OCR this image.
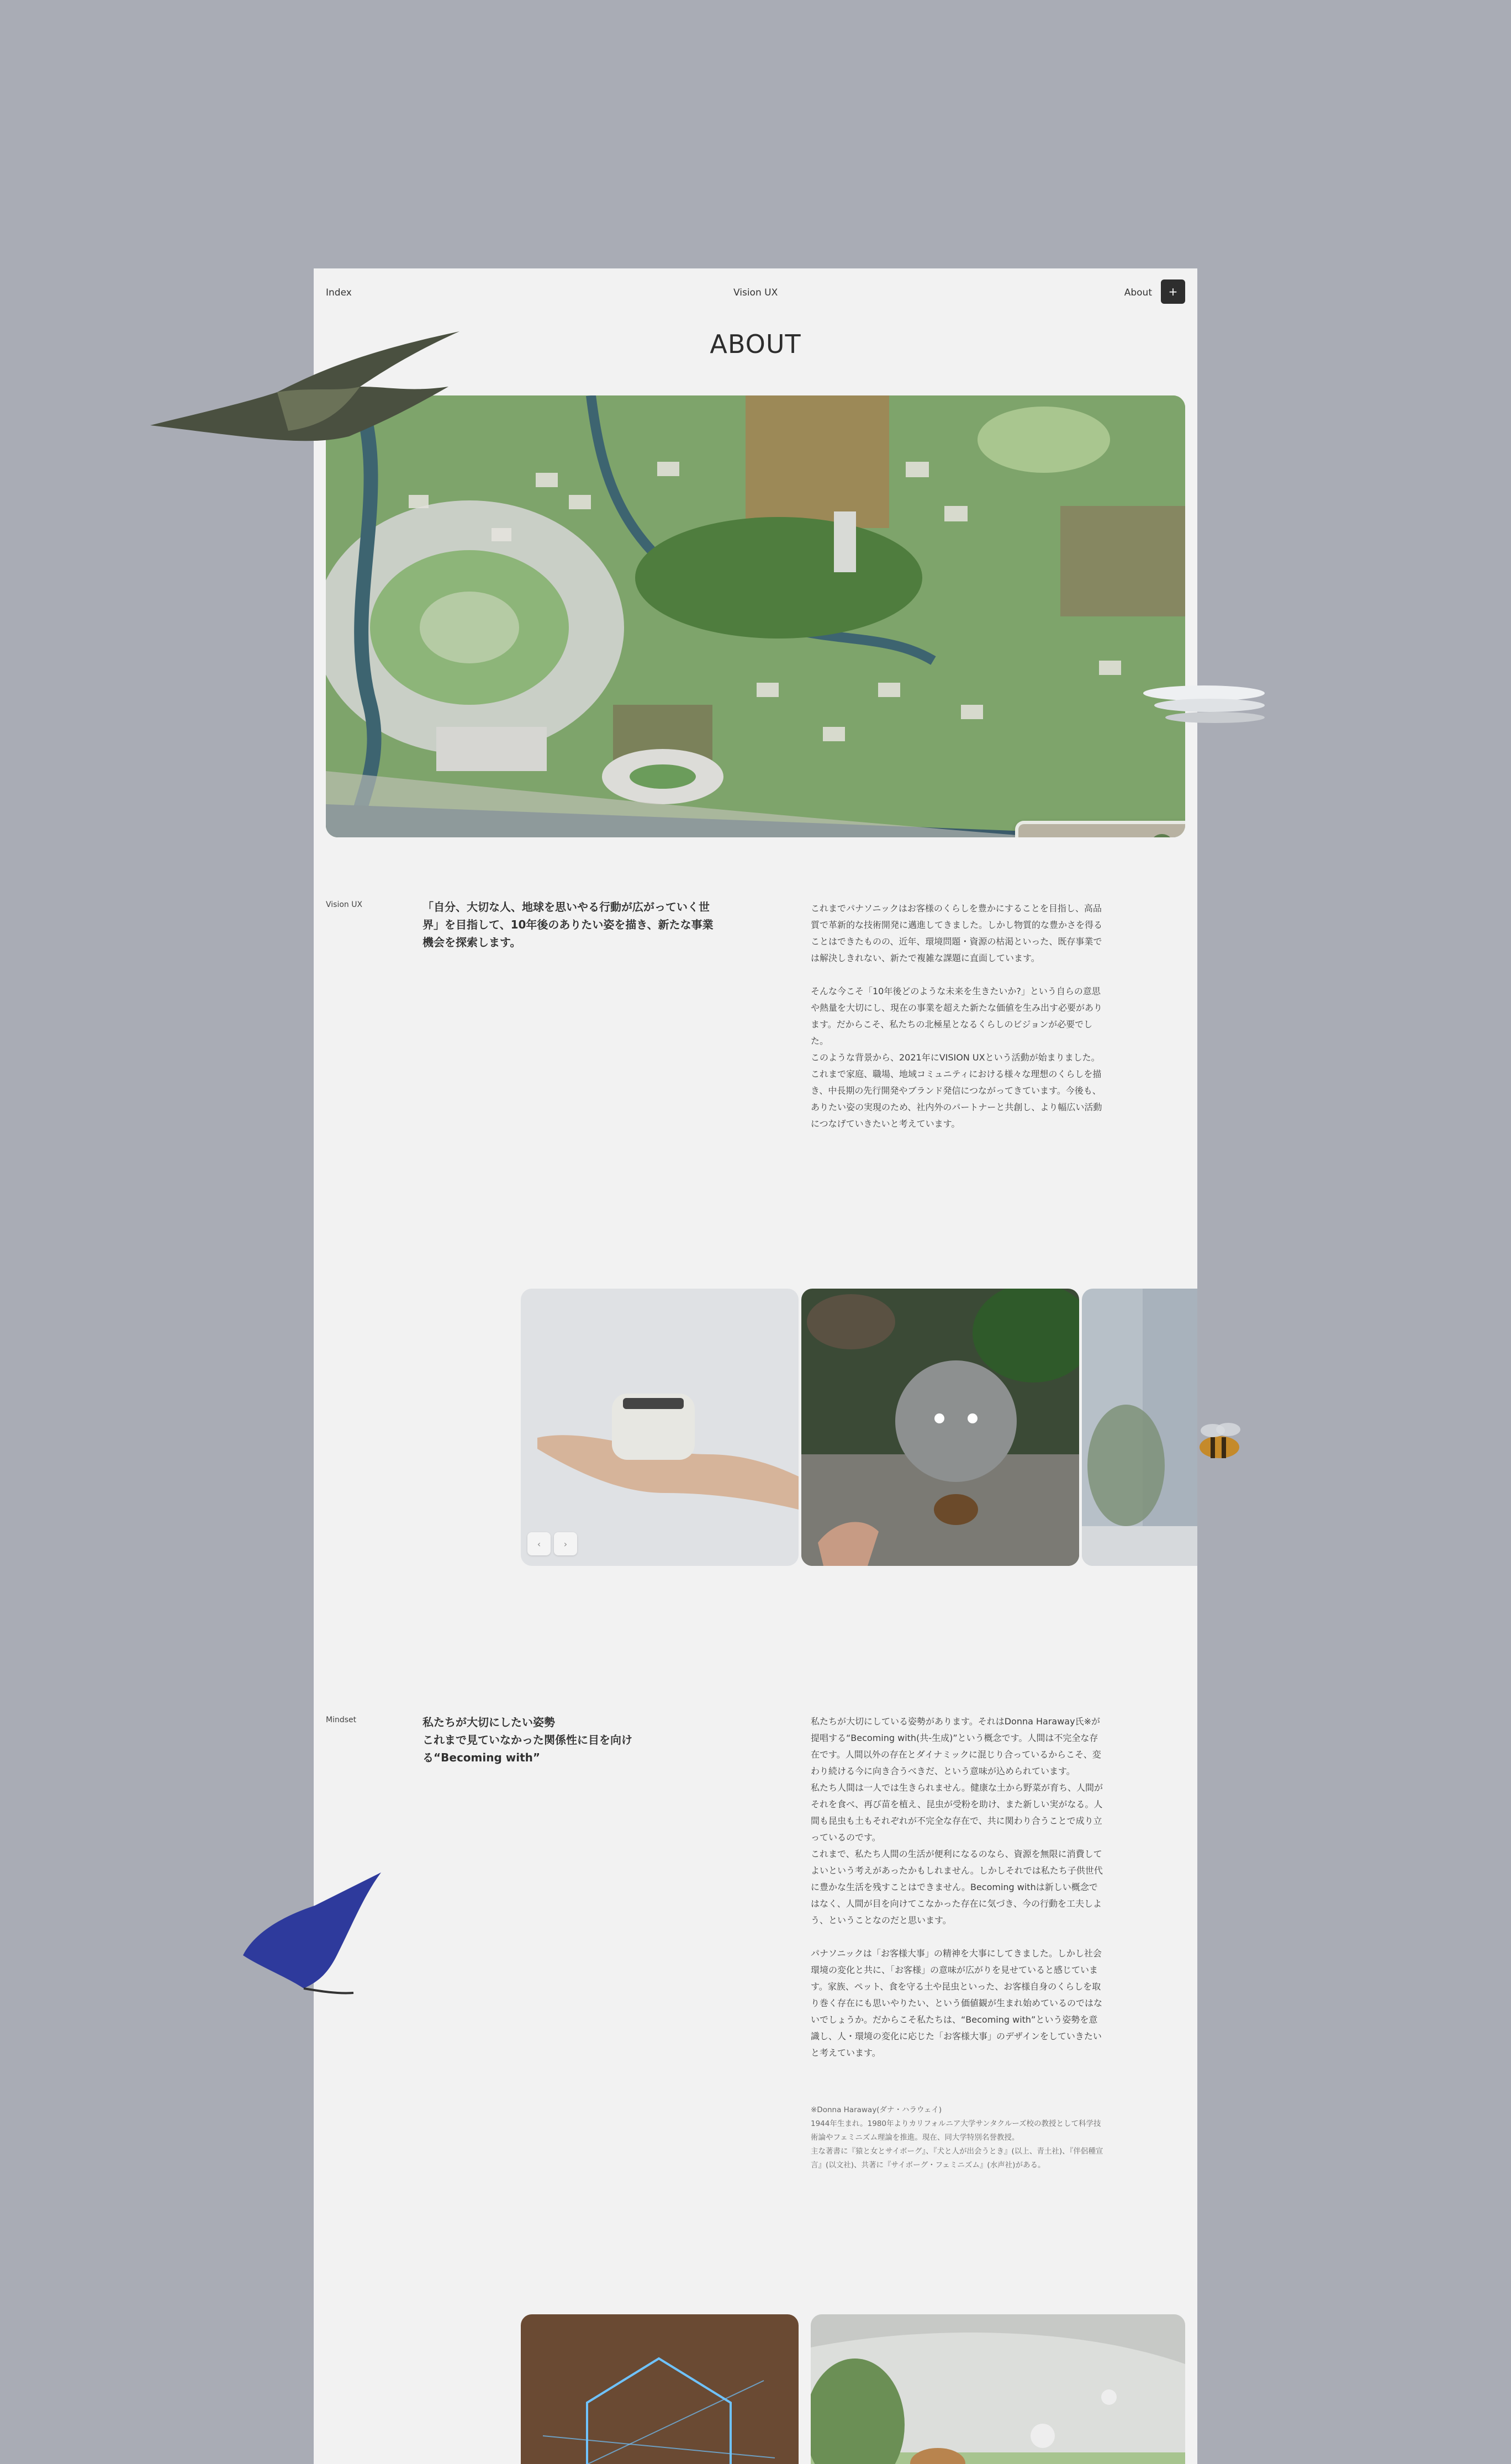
Index	Vision UX	About	+
ABOUT
Vision UX	「自分、大切な人、地球を思いやる行動が広がっていく世
界」を目指して、10年後のありたい姿を描き、新たな事業
機会を探索します。

これまでパナソニックはお客様のくらしを豊かにすることを目指し、高品質で革新的な技術開発に邁進してきました。しかし物質的な豊かさを得ることはできたものの、近年、環境問題・資源の枯渇といった、既存事業では解決しきれない、新たで複雑な課題に直面しています。

そんな今こそ「10年後どのような未来を生きたいか?」という自らの意思や熱量を大切にし、現在の事業を超えた新たな価値を生み出す必要があります。だからこそ、私たちの北極星となるくらしのビジョンが必要でした。

このような背景から、2021年にVISION UXという活動が始まりました。これまで家庭、職場、地域コミュニティにおける様々な理想のくらしを描き、中長期の先行開発やブランド発信につながってきています。今後も、ありたい姿の実現のため、社内外のパートナーと共創し、より幅広い活動につなげていきたいと考えています。

‹	›
Mindset	私たちが大切にしたい姿勢
これまで見ていなかった関係性に目を向け
る“Becoming with”

私たちが大切にしている姿勢があります。それはDonna Haraway氏※が提唱する“Becoming with(共-生成)”という概念です。人間は不完全な存在です。人間以外の存在とダイナミックに混じり合っているからこそ、変わり続ける今に向き合うべきだ、という意味が込められています。

私たち人間は一人では生きられません。健康な土から野菜が育ち、人間がそれを食べ、再び苗を植え、昆虫が受粉を助け、また新しい実がなる。人間も昆虫も土もそれぞれが不完全な存在で、共に関わり合うことで成り立っているのです。

これまで、私たち人間の生活が便利になるのなら、資源を無限に消費してよいという考えがあったかもしれません。しかしそれでは私たち子供世代に豊かな生活を残すことはできません。Becoming withは新しい概念ではなく、人間が目を向けてこなかった存在に気づき、今の行動を工夫しよう、ということなのだと思います。

パナソニックは「お客様大事」の精神を大事にしてきました。しかし社会環境の変化と共に、「お客様」の意味が広がりを見せていると感じています。家族、ペット、食を守る土や昆虫といった、お客様自身のくらしを取り巻く存在にも思いやりたい、という価値観が生まれ始めているのではないでしょうか。だからこそ私たちは、“Becoming with”という姿勢を意識し、人・環境の変化に応じた「お客様大事」のデザインをしていきたいと考えています。

※Donna Haraway(ダナ・ハラウェイ)

1944年生まれ。1980年よりカリフォルニア大学サンタクルーズ校の教授として科学技術論やフェミニズム理論を推進。現在、同大学特別名誉教授。

主な著書に『猿と女とサイボーグ』、『犬と人が出会うとき』(以上、青土社)、『伴侶種宣言』(以文社)、共著に『サイボーグ・フェミニズム』(水声社)がある。
